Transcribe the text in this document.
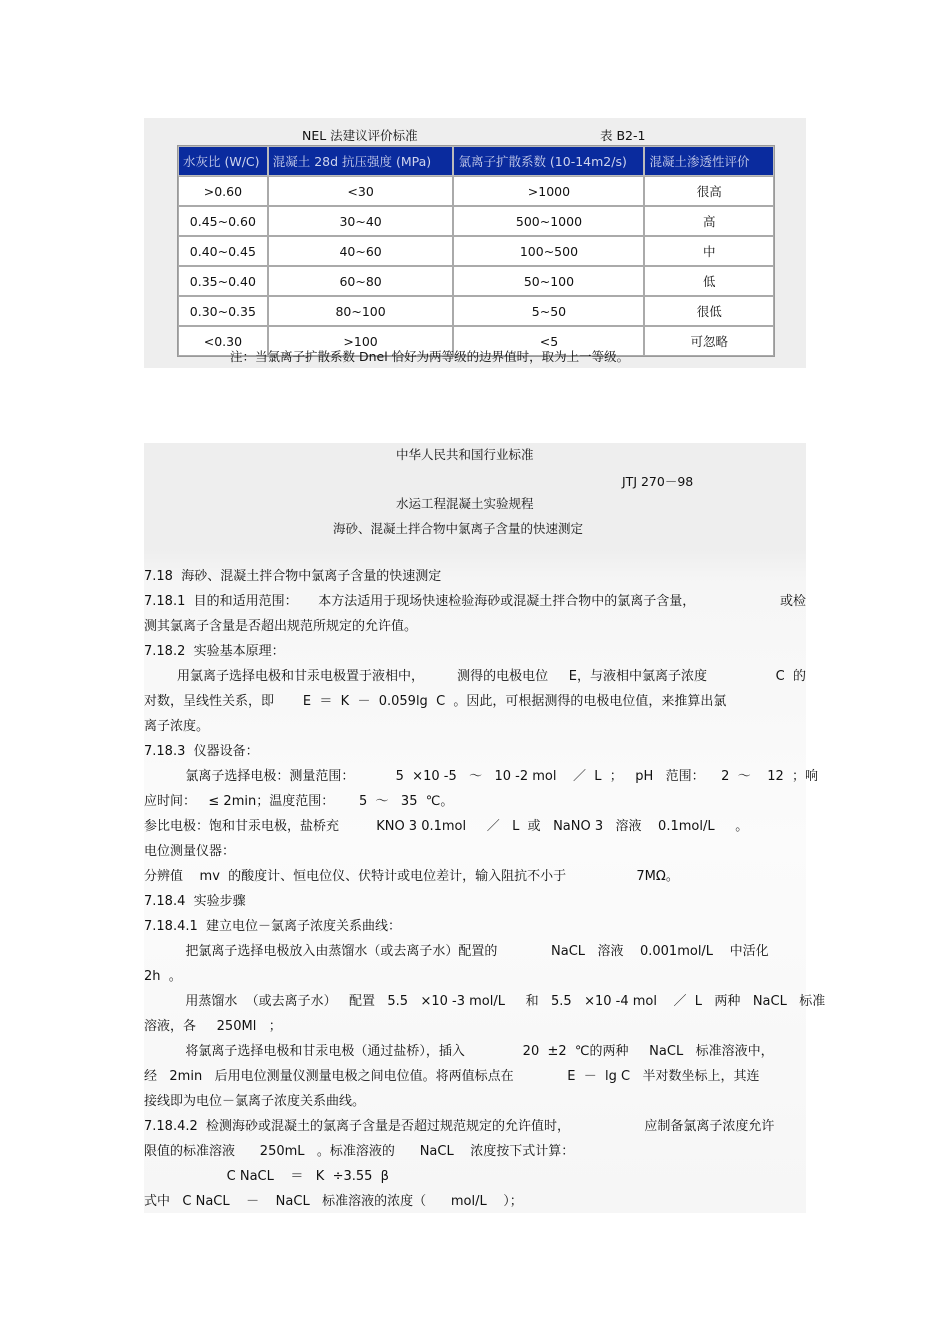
NEL 法建议评价标准	表 B2-1
水灰比 (W/C)	混凝土 28d 抗压强度 (MPa)	氯离子扩散系数 (10-14m2/s)	混凝土渗透性评价
>0.60	<30	>1000	很高
0.45~0.60	30~40	500~1000	高
0.40~0.45	40~60	100~500	中
0.35~0.40	60~80	50~100	低
0.30~0.35	80~100	5~50	很低
<0.30	>100	<5	可忽略
注：当氯离子扩散系数 Dnel 恰好为两等级的边界值时，取为上一等级。
中华人民共和国行业标准
JTJ 270－98
水运工程混凝土实验规程
海砂、混凝土拌合物中氯离子含量的快速测定
7.18  海砂、混凝土拌合物中氯离子含量的快速测定
7.18.1  目的和适用范围：     本方法适用于现场快速检验海砂或混凝土拌合物中的氯离子含量，	或检
测其氯离子含量是否超出规范所规定的允许值。
7.18.2  实验基本原理：
用氯离子选择电极和甘汞电极置于液相中，        测得的电极电位     E，与液相中氯离子浓度	C  的
对数，呈线性关系，即       E  ＝  K  －  0.059lg  C  。因此，可根据测得的电极电位值，来推算出氯
离子浓度。
7.18.3  仪器设备：
氯离子选择电极：测量范围：          5  ×10 -5   ～   10 -2 mol    ／  L  ；   pH   范围：    2  ～    12  ；响
应时间：   ≤ 2min；温度范围：      5  ～   35  ℃。
参比电极：饱和甘汞电极，盐桥充         KNO 3 0.1mol     ／   L  或   NaNO 3   溶液    0.1mol/L     。
电位测量仪器：
分辨值    mv  的酸度计、恒电位仪、伏特计或电位差计，输入阻抗不小于                 7MΩ。
7.18.4  实验步骤
7.18.4.1  建立电位－氯离子浓度关系曲线：
把氯离子选择电极放入由蒸馏水（或去离子水）配置的             NaCL   溶液    0.001mol/L    中活化
2h  。
用蒸馏水  （或去离子水）   配置   5.5   ×10 -3 mol/L     和   5.5   ×10 -4 mol    ／  L   两种   NaCL   标准
溶液，各     250Ml   ；
将氯离子选择电极和甘汞电极（通过盐桥），插入              20  ±2  ℃的两种     NaCL   标准溶液中，
经   2min   后用电位测量仪测量电极之间电位值。将两值标点在             E  －  lg C   半对数坐标上，其连
接线即为电位－氯离子浓度关系曲线。
7.18.4.2  检测海砂或混凝土的氯离子含量是否超过规范规定的允许值时，                  应制备氯离子浓度允许
限值的标准溶液      250mL   。标准溶液的      NaCL    浓度按下式计算：
C NaCL    ＝   K  ÷3.55  β
式中   C NaCL    －    NaCL   标准溶液的浓度（      mol/L    ）；
